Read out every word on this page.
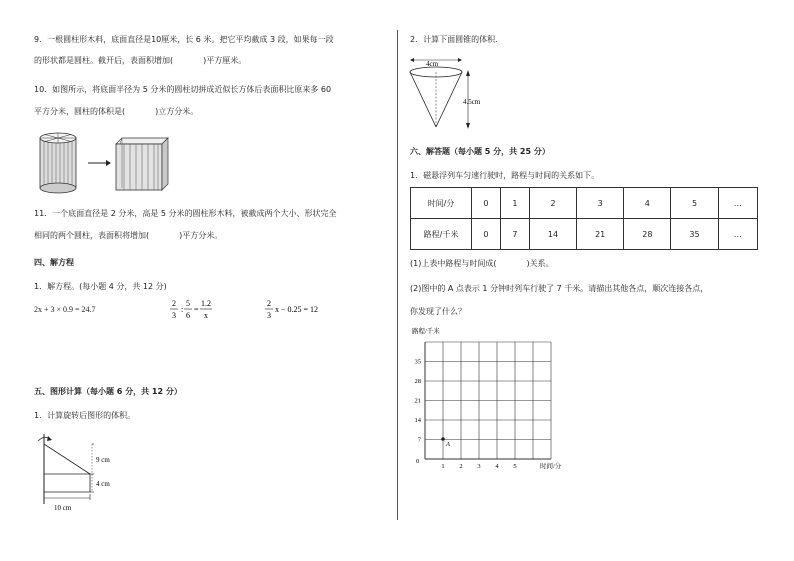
9．一根圆柱形木料，底面直径是10厘米，长 6 米。把它平均截成 3 段，如果每一段
的形状都是圆柱。截开后，表面积增加(	)平方厘米。
10．如图所示，将底面半径为 5 分米的圆柱切拼成近似长方体后表面积比原来多 60
平方分米，圆柱的体积是(	)立方分米。
11．一个底面直径是 2 分米，高是 5 分米的圆柱形木料，被截成两个大小、形状完全
相同的两个圆柱，表面积将增加(	)平方分米。
四、解方程
1．解方程。(每小题 4 分，共 12 分)
2x + 3 × 0.9 = 24.7
2
3
:
5
6
=
1.2
x
2
3
x − 0.25 = 12
五、图形计算（每小题 6 分，共 12 分）
1．计算旋转后图形的体积。
9 cm
4 cm
10 cm
2．计算下面圆锥的体积．
4cm
4.5cm
六、解答题（每小题 5 分，共 25 分）
1．磁悬浮列车匀速行驶时，路程与时间的关系如下。
时间/分	0	1	2	3	4	5	…
路程/千米	0	7	14	21	28	35	…
(1)上表中路程与时间成(	)关系。
(2)图中的 A 点表示 1 分钟时列车行驶了 7 千米。请描出其他各点，顺次连接各点，
你发现了什么？
路程/千米
0
1 2 3 4 5
7
14
21
28
35
时间/分
A
